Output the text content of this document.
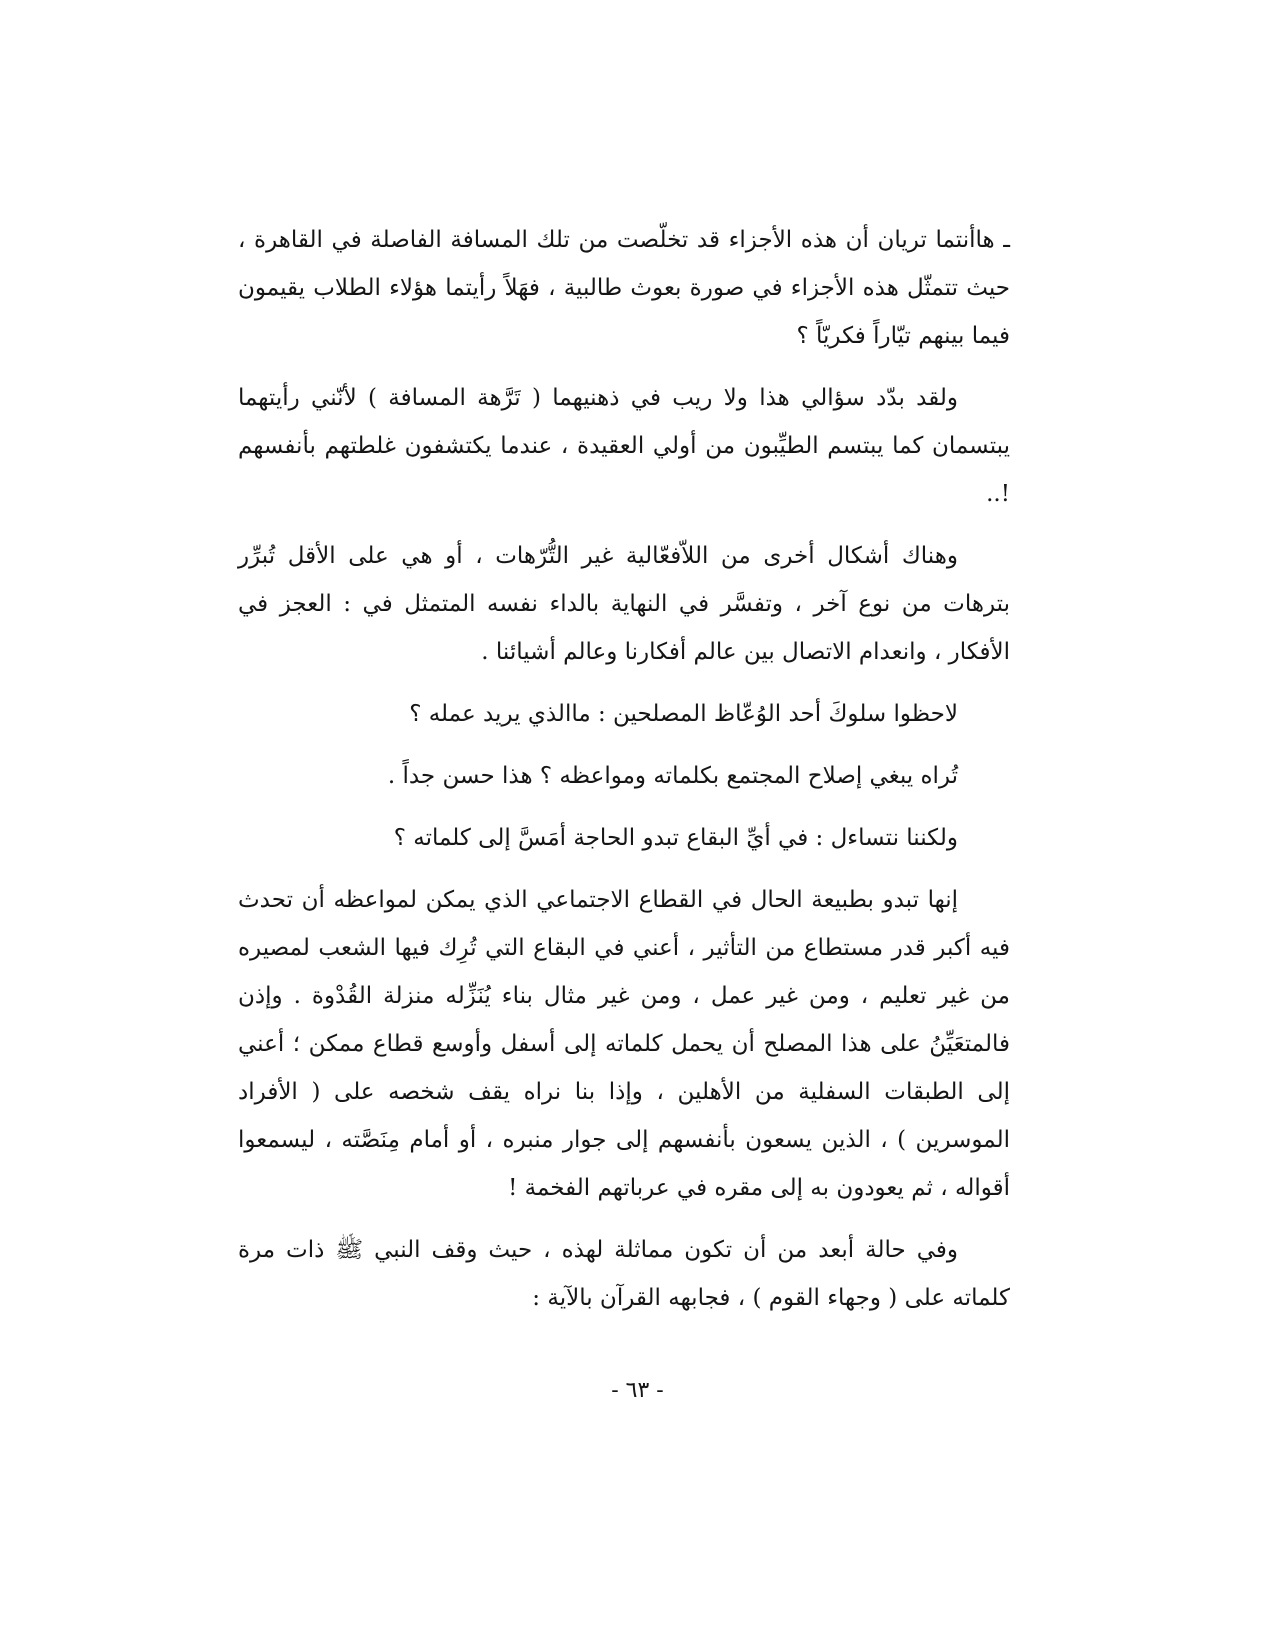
ـ هاأنتما تريان أن هذه الأجزاء قد تخلّصت من تلك المسافة الفاصلة في القاهرة ، حيث تتمثّل هذه الأجزاء في صورة بعوث طالبية ، فهَلاً رأيتما هؤلاء الطلاب يقيمون فيما بينهم تيّاراً فكريّاً ؟

ولقد بدّد سؤالي هذا ولا ريب في ذهنيهما ( تَرَّهة المسافة ) لأنّني رأيتهما يبتسمان كما يبتسم الطيِّبون من أولي العقيدة ، عندما يكتشفون غلطتهم بأنفسهم !..

وهناك أشكال أخرى من اللاّفعّالية غير التُّرّهات ، أو هي على الأقل تُبرِّر بترهات من نوع آخر ، وتفسَّر في النهاية بالداء نفسه المتمثل في : العجز في الأفكار ، وانعدام الاتصال بين عالم أفكارنا وعالم أشيائنا .

لاحظوا سلوكَ أحد الوُعّاظ المصلحين : ماالذي يريد عمله ؟

تُراه يبغي إصلاح المجتمع بكلماته ومواعظه ؟ هذا حسن جداً .

ولكننا نتساءل : في أيِّ البقاع تبدو الحاجة أمَسَّ إلى كلماته ؟

إنها تبدو بطبيعة الحال في القطاع الاجتماعي الذي يمكن لمواعظه أن تحدث فيه أكبر قدر مستطاع من التأثير ، أعني في البقاع التي تُرِك فيها الشعب لمصيره من غير تعليم ، ومن غير عمل ، ومن غير مثال بناء يُنَزِّله منزلة القُدْوة . وإذن فالمتعَيِّنُ على هذا المصلح أن يحمل كلماته إلى أسفل وأوسع قطاع ممكن ؛ أعني إلى الطبقات السفلية من الأهلين ، وإذا بنا نراه يقف شخصه على ( الأفراد الموسرين ) ، الذين يسعون بأنفسهم إلى جوار منبره ، أو أمام مِنَصَّته ، ليسمعوا أقواله ، ثم يعودون به إلى مقره في عرباتهم الفخمة !

وفي حالة أبعد من أن تكون مماثلة لهذه ، حيث وقف النبي ﷺ ذات مرة كلماته على ( وجهاء القوم ) ، فجابهه القرآن بالآية :

- ٦٣ -
